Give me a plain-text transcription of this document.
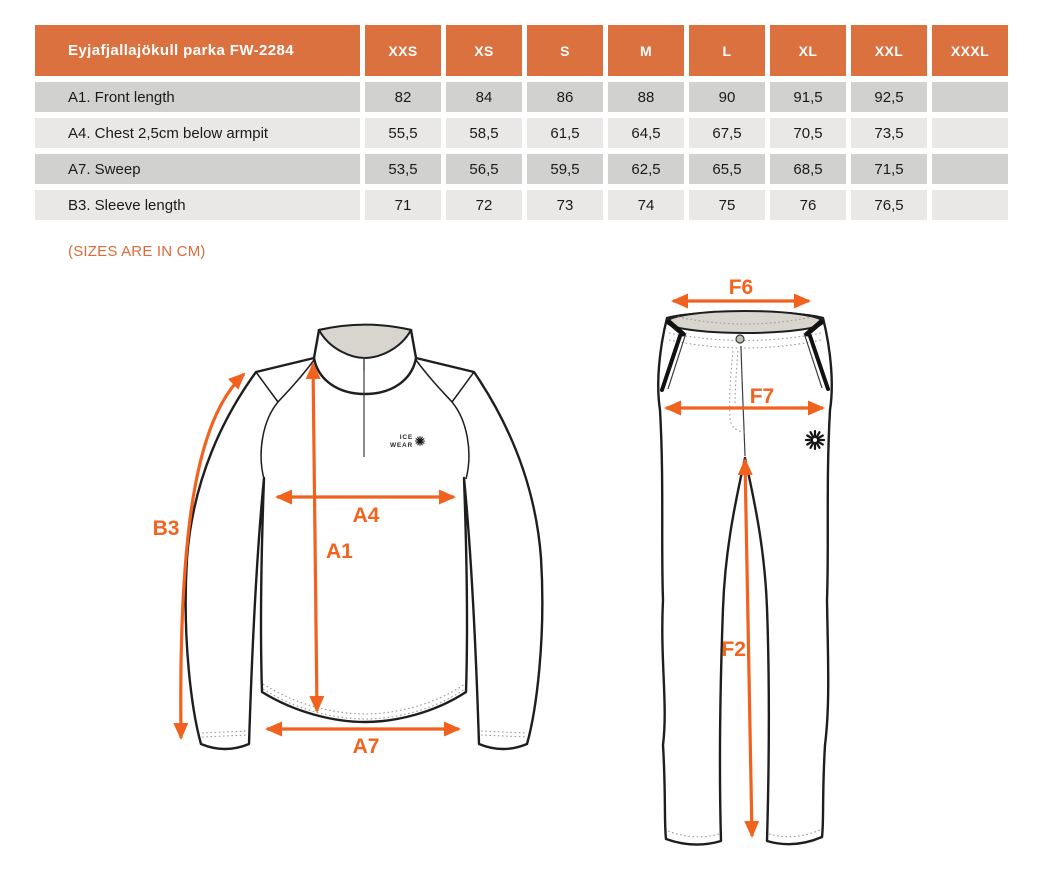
Eyjafjallajökull parka FW-2284	XXS	XS	S	M	L	XL	XXL	XXXL
A1. Front length	82	84	86	88	90	91,5	92,5
A4. Chest 2,5cm below armpit	55,5	58,5	61,5	64,5	67,5	70,5	73,5
A7. Sweep	53,5	56,5	59,5	62,5	65,5	68,5	71,5
B3. Sleeve length	71	72	73	74	75	76	76,5
(SIZES ARE IN CM)
ICE
WEAR
B3
A4
A1
A7
F6
F7
F2
